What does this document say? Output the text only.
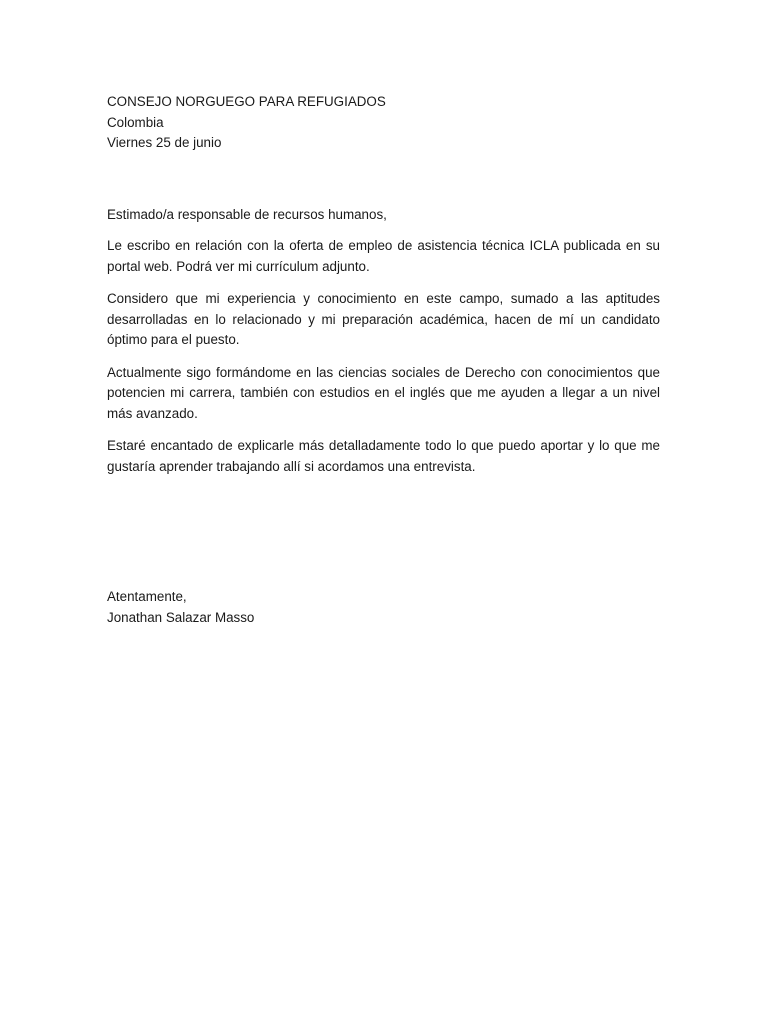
CONSEJO NORGUEGO PARA REFUGIADOS
Colombia
Viernes 25 de junio
Estimado/a responsable de recursos humanos,

Le escribo en relación con la oferta de empleo de asistencia técnica ICLA publicada en su portal web. Podrá ver mi currículum adjunto.

Considero que mi experiencia y conocimiento en este campo, sumado a las aptitudes desarrolladas en lo relacionado y mi preparación académica, hacen de mí un candidato óptimo para el puesto.

Actualmente sigo formándome en las ciencias sociales de Derecho con conocimientos que potencien mi carrera, también con estudios en el inglés que me ayuden a llegar a un nivel más avanzado.

Estaré encantado de explicarle más detalladamente todo lo que puedo aportar y lo que me gustaría aprender trabajando allí si acordamos una entrevista.

Atentamente,
Jonathan Salazar Masso
